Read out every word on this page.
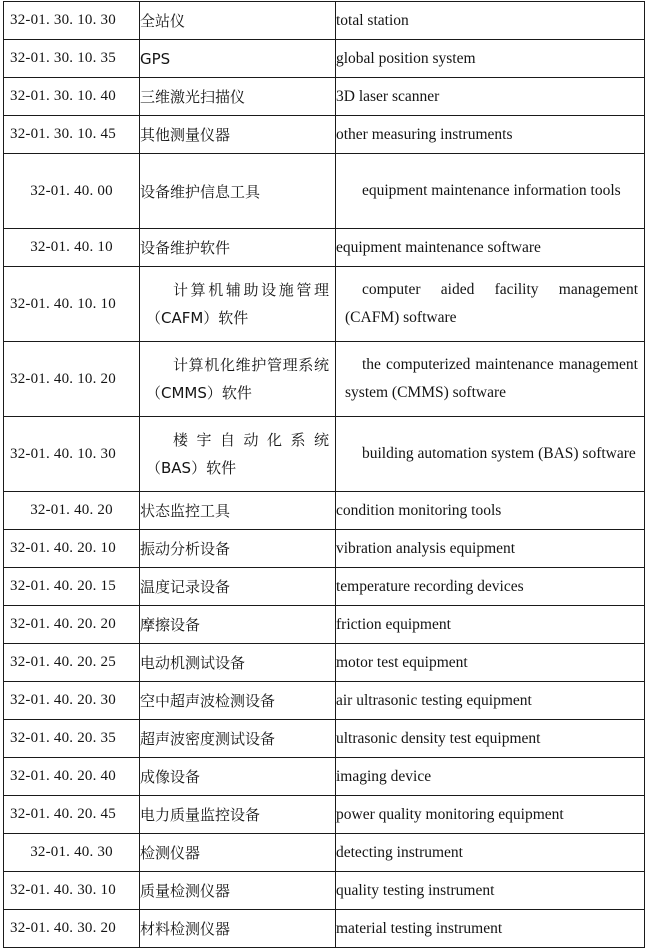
32-01. 30. 10. 30	全站仪	total station
32-01. 30. 10. 35	GPS	global position system
32-01. 30. 10. 40	三维激光扫描仪	3D laser scanner
32-01. 30. 10. 45	其他测量仪器	other measuring instruments
32-01. 40. 00	设备维护信息工具	equipment maintenance information tools
32-01. 40. 10	设备维护软件	equipment maintenance software
32-01. 40. 10. 10	计算机辅助设施管理（CAFM）软件	computer aided facility management (CAFM) software
32-01. 40. 10. 20	计算机化维护管理系统（CMMS）软件	the computerized maintenance management system (CMMS) software
32-01. 40. 10. 30	楼宇自动化系统（BAS）软件	building automation system (BAS) software
32-01. 40. 20	状态监控工具	condition monitoring tools
32-01. 40. 20. 10	振动分析设备	vibration analysis equipment
32-01. 40. 20. 15	温度记录设备	temperature recording devices
32-01. 40. 20. 20	摩擦设备	friction equipment
32-01. 40. 20. 25	电动机测试设备	motor test equipment
32-01. 40. 20. 30	空中超声波检测设备	air ultrasonic testing equipment
32-01. 40. 20. 35	超声波密度测试设备	ultrasonic density test equipment
32-01. 40. 20. 40	成像设备	imaging device
32-01. 40. 20. 45	电力质量监控设备	power quality monitoring equipment
32-01. 40. 30	检测仪器	detecting instrument
32-01. 40. 30. 10	质量检测仪器	quality testing instrument
32-01. 40. 30. 20	材料检测仪器	material testing instrument
